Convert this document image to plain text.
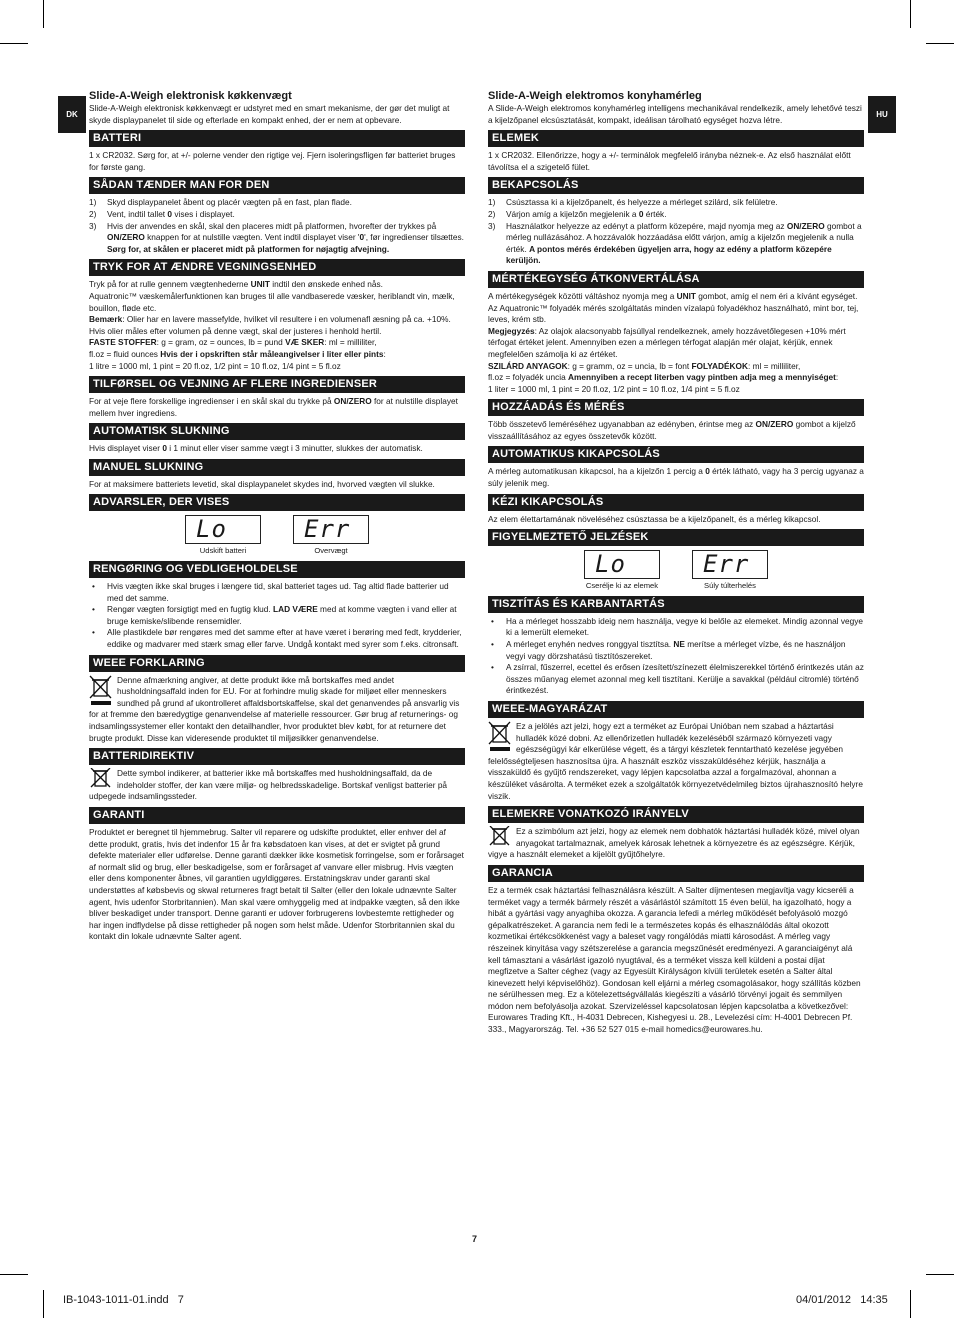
DK	HU

Slide-A-Weigh elektronisk køkkenvægt

Slide-A-Weigh elektronisk køkkenvægt er udstyret med en smart mekanisme, der gør det muligt at skyde displaypanelet til side og efterlade en kompakt enhed, der er nem at opbevare.

BATTERI

1 x CR2032. Sørg for, at +/- polerne vender den rigtige vej. Fjern isoleringsfligen før batteriet bruges for første gang.

SÅDAN TÆNDER MAN FOR DEN
1) Skyd displaypanelet åbent og placér vægten på en fast, plan flade.
2) Vent, indtil tallet 0 vises i displayet.
3) Hvis der anvendes en skål, skal den placeres midt på platformen, hvorefter der trykkes på ON/ZERO knappen for at nulstille vægten. Vent indtil displayet viser '0', før ingredienser tilsættes. Sørg for, at skålen er placeret midt på platformen for nøjagtig afvejning.
TRYK FOR AT ÆNDRE VEGNINGSENHED

Tryk på for at rulle gennem vægtenhederne UNIT indtil den ønskede enhed nås.

Aquatronic™ væskemålerfunktionen kan bruges til alle vandbaserede væsker, heriblandt vin, mælk, bouillon, fløde etc.

Bemærk: Olier har en lavere massefylde, hvilket vil resultere i en volumenafl æsning på ca. +10%. Hvis olier måles efter volumen på denne vægt, skal der justeres i henhold hertil.

FASTE STOFFER: g = gram, oz = ounces, lb = pund VÆ SKER: ml = milliliter,

fl.oz = fluid ounces Hvis der i opskriften står måleangivelser i liter eller pints:

1 litre = 1000 ml, 1 pint = 20 fl.oz, 1/2 pint = 10 fl.oz, 1/4 pint = 5 fl.oz

TILFØRSEL OG VEJNING AF FLERE INGREDIENSER

For at veje flere forskellige ingredienser i en skål skal du trykke på ON/ZERO for at nulstille displayet mellem hver ingrediens.

AUTOMATISK SLUKNING

Hvis displayet viser 0 i 1 minut eller viser samme vægt i 3 minutter, slukkes der automatisk.

MANUEL SLUKNING

For at maksimere batteriets levetid, skal displaypanelet skydes ind, hvorved vægten vil slukke.

ADVARSLER, DER VISES
Lo
Udskift batteri
Err
Overvægt
RENGØRING OG VEDLIGEHOLDELSE
• Hvis vægten ikke skal bruges i længere tid, skal batteriet tages ud. Tag altid flade batterier ud med det samme.
• Rengør vægten forsigtigt med en fugtig klud. LAD VÆRE med at komme vægten i vand eller at bruge kemiske/slibende rensemidler.
• Alle plastikdele bør rengøres med det samme efter at have været i berøring med fedt, krydderier, eddike og madvarer med stærk smag eller farve. Undgå kontakt med syrer som f.eks. citronsaft.
WEEE FORKLARING

Denne afmærkning angiver, at dette produkt ikke må bortskaffes med andet husholdningsaffald inden for EU. For at forhindre mulig skade for miljøet eller menneskers sundhed på grund af ukontrolleret affaldsbortskaffelse, skal det genanvendes på ansvarlig vis for at fremme den bæredygtige genanvendelse af materielle ressourcer. Gør brug af returnerings- og indsamlingssystemer eller kontakt den detailhandler, hvor produktet blev købt, for at returnere det brugte produkt. Disse kan videresende produktet til miljøsikker genanvendelse.

BATTERIDIREKTIV

Dette symbol indikerer, at batterier ikke må bortskaffes med husholdningsaffald, da de indeholder stoffer, der kan være miljø- og helbredsskadelige. Bortskaf venligst batterier på udpegede indsamlingssteder.

GARANTI

Produktet er beregnet til hjemmebrug. Salter vil reparere og udskifte produktet, eller enhver del af dette produkt, gratis, hvis det indenfor 15 år fra købsdatoen kan vises, at det er svigtet på grund defekte materialer eller udførelse. Denne garanti dækker ikke kosmetisk forringelse, som er forårsaget af normalt slid og brug, eller beskadigelse, som er forårsaget af vanvare eller misbrug. Hvis vægten eller dens komponenter åbnes, vil garantien ugyldiggøres. Erstatningskrav under garanti skal understøttes af købsbevis og skwal returneres fragt betalt til Salter (eller den lokale udnævnte Salter agent, hvis udenfor Storbritannien). Man skal være omhyggelig med at indpakke vægten, så den ikke bliver beskadiget under transport. Denne garanti er udover forbrugerens lovbestemte rettigheder og har ingen indflydelse på disse rettigheder på nogen som helst måde. Udenfor Storbritannien skal du kontakt din lokale udnævnte Salter agent.

Slide-A-Weigh elektromos konyhamérleg

A Slide-A-Weigh elektromos konyhamérleg intelligens mechanikával rendelkezik, amely lehetővé teszi a kijelzőpanel elcsúsztatását, kompakt, ideálisan tárolható egységet hozva létre.

ELEMEK

1 x CR2032. Ellenőrizze, hogy a +/- terminálok megfelelő irányba néznek-e. Az első használat előtt távolítsa el a szigetelő fület.

BEKAPCSOLÁS
1) Csúsztassa ki a kijelzőpanelt, és helyezze a mérleget szilárd, sík felületre.
2) Várjon amíg a kijelzőn megjelenik a 0 érték.
3) Használatkor helyezze az edényt a platform közepére, majd nyomja meg az ON/ZERO gombot a mérleg nullázásához. A hozzávalók hozzáadása előtt várjon, amíg a kijelzőn megjelenik a nulla érték. A pontos mérés érdekében ügyeljen arra, hogy az edény a platform közepére kerüljön.
MÉRTÉKEGYSÉG ÁTKONVERTÁLÁSA

A mértékegységek közötti váltáshoz nyomja meg a UNIT gombot, amíg el nem éri a kívánt egységet.

Az Aquatronic™ folyadék mérés szolgáltatás minden vízalapú folyadékhoz használható, mint bor, tej, leves, krém stb.

Megjegyzés: Az olajok alacsonyabb fajsúllyal rendelkeznek, amely hozzávetőlegesen +10% mért térfogat értéket jelent. Amennyiben ezen a mérlegen térfogat alapján mér olajat, kérjük, ennek megfelelően számolja ki az értéket.

SZILÁRD ANYAGOK: g = gramm, oz = uncia, lb = font FOLYADÉKOK: ml = milliliter,

fl.oz = folyadék uncia Amennyiben a recept literben vagy pintben adja meg a mennyiséget:

1 liter = 1000 ml, 1 pint = 20 fl.oz, 1/2 pint = 10 fl.oz, 1/4 pint = 5 fl.oz

HOZZÁADÁS ÉS MÉRÉS

Több összetevő leméréséhez ugyanabban az edényben, érintse meg az ON/ZERO gombot a kijelző visszaállításához az egyes összetevők között.

AUTOMATIKUS KIKAPCSOLÁS

A mérleg automatikusan kikapcsol, ha a kijelzőn 1 percig a 0 érték látható, vagy ha 3 percig ugyanaz a súly jelenik meg.

KÉZI KIKAPCSOLÁS

Az elem élettartamának növeléséhez csúsztassa be a kijelzőpanelt, és a mérleg kikapcsol.

FIGYELMEZTETŐ JELZÉSEK
Lo
Cserélje ki az elemek
Err
Súly túlterhelés
TISZTÍTÁS ÉS KARBANTARTÁS
• Ha a mérleget hosszabb ideig nem használja, vegye ki belőle az elemeket. Mindig azonnal vegye ki a lemerült elemeket.
• A mérleget enyhén nedves ronggyal tisztítsa. NE merítse a mérleget vízbe, és ne használjon vegyi vagy dörzshatású tisztítószereket.
• A zsírral, fűszerrel, ecettel és erősen ízesített/színezett élelmiszerekkel történő érintkezés után az összes műanyag elemet azonnal meg kell tisztítani. Kerülje a savakkal (például citromlé) történő érintkezést.
WEEE-MAGYARÁZAT

Ez a jelölés azt jelzi, hogy ezt a terméket az Európai Unióban nem szabad a háztartási hulladék közé dobni. Az ellenőrizetlen hulladék kezeléséből származó környezeti vagy egészségügyi kár elkerülése végett, és a tárgyi készletek fenntartható kezelése jegyében felelősségteljesen hasznosítsa újra. A használt eszköz visszaküldéséhez kérjük, használja a visszaküldő és gyűjtő rendszereket, vagy lépjen kapcsolatba azzal a forgalmazóval, ahonnan a készüléket vásárolta. A terméket ezek a szolgáltatók környezetvédelmileg biztos újrahasznosító helyre viszik.

ELEMEKRE VONATKOZÓ IRÁNYELV

Ez a szimbólum azt jelzi, hogy az elemek nem dobhatók háztartási hulladék közé, mivel olyan anyagokat tartalmaznak, amelyek károsak lehetnek a környezetre és az egészségre. Kérjük, vigye a használt elemeket a kijelölt gyűjtőhelyre.

GARANCIA

Ez a termék csak háztartási felhasználásra készült. A Salter díjmentesen megjavítja vagy kicseréli a terméket vagy a termék bármely részét a vásárlástól számított 15 éven belül, ha igazolható, hogy a hibát a gyártási vagy anyaghiba okozza. A garancia lefedi a mérleg működését befolyásoló mozgó gépalkatrészeket. A garancia nem fedi le a természetes kopás és elhasználódás által okozott kozmetikai értékcsökkenést vagy a baleset vagy rongálódás miatti károsodást. A mérleg vagy részeinek kinyitása vagy szétszerelése a garancia megszűnését eredményezi. A garanciaigényt alá kell támasztani a vásárlást igazoló nyugtával, és a terméket vissza kell küldeni a postai díjat megfizetve a Salter céghez (vagy az Egyesült Királyságon kívüli területek esetén a Salter által kinevezett helyi képviselőhöz). Gondosan kell eljárni a mérleg csomagolásakor, hogy szállítás közben ne sérülhessen meg. Ez a kötelezettségvállalás kiegészíti a vásárló törvényi jogait és semmilyen módon nem befolyásolja azokat. Szervizeléssel kapcsolatosan lépjen kapcsolatba a következővel: Eurowares Trading Kft., H-4031 Debrecen, Kishegyesi u. 28., Levelezési cím: H-4001 Debrecen Pf. 333., Magyarország. Tel. +36 52 527 015 e-mail homedics@eurowares.hu.

7
IB-1043-1011-01.indd   7	04/01/2012   14:35
